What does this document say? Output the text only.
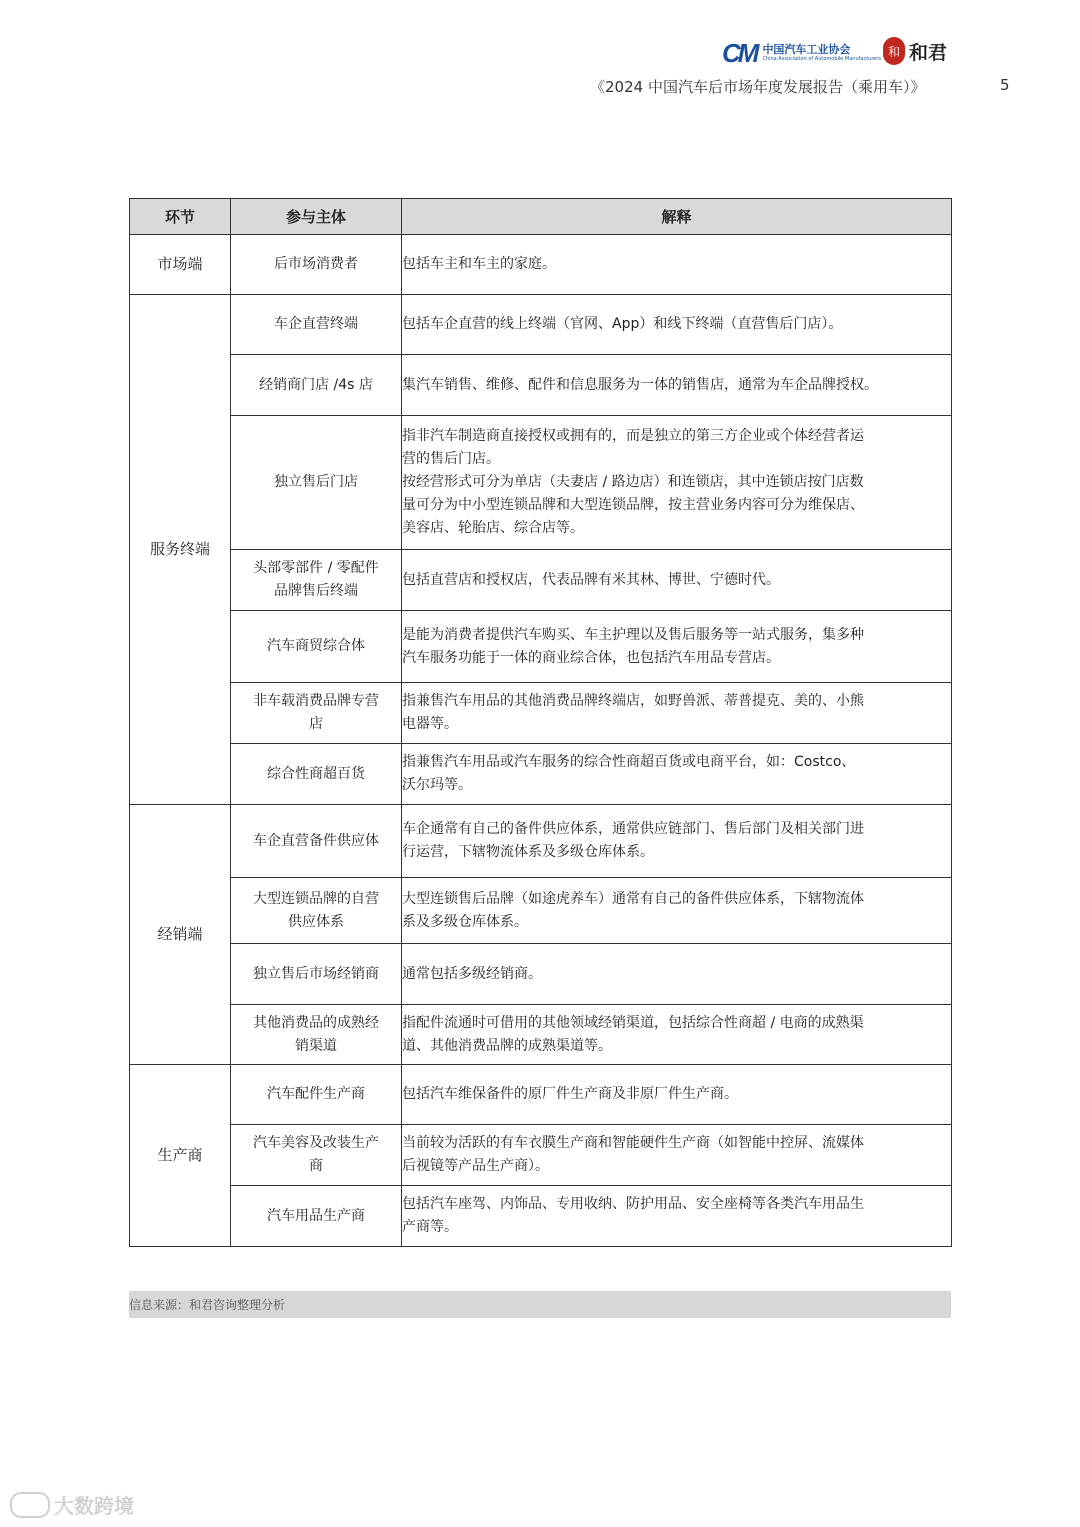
CM 中国汽车工业协会
China Association of Automobile Manufacturers
和 和君
《2024 中国汽车后市场年度发展报告（乘用车）》	5
环节	参与主体	解释
市场端	后市场消费者	包括车主和车主的家庭。

服务终端	车企直营终端	包括车企直营的线上终端（官网、App）和线下终端（直营售后门店）。

	经销商门店 /4s 店	集汽车销售、维修、配件和信息服务为一体的销售店，通常为车企品牌授权。

	独立售后门店	指非汽车制造商直接授权或拥有的，而是独立的第三方企业或个体经营者运
营的售后门店。
按经营形式可分为单店（夫妻店 / 路边店）和连锁店，其中连锁店按门店数
量可分为中小型连锁品牌和大型连锁品牌，按主营业务内容可分为维保店、
美容店、轮胎店、综合店等。

	头部零部件 / 零配件
品牌售后终端	包括直营店和授权店，代表品牌有米其林、博世、宁德时代。

	汽车商贸综合体	是能为消费者提供汽车购买、车主护理以及售后服务等一站式服务，集多种
汽车服务功能于一体的商业综合体，也包括汽车用品专营店。

	非车载消费品牌专营
店	指兼售汽车用品的其他消费品牌终端店，如野兽派、蒂普提克、美的、小熊
电器等。

	综合性商超百货	指兼售汽车用品或汽车服务的综合性商超百货或电商平台，如：Costco、
沃尔玛等。

经销端	车企直营备件供应体	车企通常有自己的备件供应体系，通常供应链部门、售后部门及相关部门进
行运营，下辖物流体系及多级仓库体系。

	大型连锁品牌的自营
供应体系	大型连锁售后品牌（如途虎养车）通常有自己的备件供应体系，下辖物流体
系及多级仓库体系。

	独立售后市场经销商	通常包括多级经销商。

	其他消费品的成熟经
销渠道	指配件流通时可借用的其他领域经销渠道，包括综合性商超 / 电商的成熟渠
道、其他消费品牌的成熟渠道等。

生产商	汽车配件生产商	包括汽车维保备件的原厂件生产商及非原厂件生产商。

	汽车美容及改装生产
商	当前较为活跃的有车衣膜生产商和智能硬件生产商（如智能中控屏、流媒体
后视镜等产品生产商）。

	汽车用品生产商	包括汽车座驾、内饰品、专用收纳、防护用品、安全座椅等各类汽车用品生
产商等。
信息来源：和君咨询整理分析
大数跨境
